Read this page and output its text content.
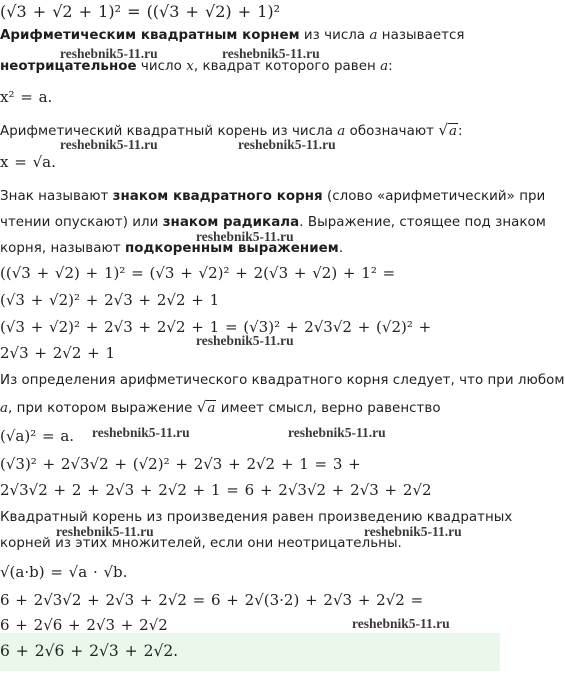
(√3 + √2 + 1)² = ((√3 + √2) + 1)²
Арифметическим квадратным корнем из числа a называется
reshebnik5-11.ru	reshebnik5-11.ru
неотрицательное число x, квадрат которого равен a:
x² = a.
Арифметический квадратный корень из числа a обозначают √a:
reshebnik5-11.ru	reshebnik5-11.ru
x = √a.
Знак называют знаком квадратного корня (слово «арифметический» при
чтении опускают) или знаком радикала. Выражение, стоящее под знаком
reshebnik5-11.ru
корня, называют подкоренным выражением.
((√3 + √2) + 1)² = (√3 + √2)² + 2(√3 + √2) + 1² =
(√3 + √2)² + 2√3 + 2√2 + 1
(√3 + √2)² + 2√3 + 2√2 + 1 = (√3)² + 2√3√2 + (√2)² +
reshebnik5-11.ru
2√3 + 2√2 + 1
Из определения арифметического квадратного корня следует, что при любом
a, при котором выражение √a имеет смысл, верно равенство
(√a)² = a. reshebnik5-11.ru	reshebnik5-11.ru
(√3)² + 2√3√2 + (√2)² + 2√3 + 2√2 + 1 = 3 +
2√3√2 + 2 + 2√3 + 2√2 + 1 = 6 + 2√3√2 + 2√3 + 2√2
Квадратный корень из произведения равен произведению квадратных
reshebnik5-11.ru	reshebnik5-11.ru
корней из этих множителей, если они неотрицательны.
√(a·b) = √a · √b.
6 + 2√3√2 + 2√3 + 2√2 = 6 + 2√(3·2) + 2√3 + 2√2 =
6 + 2√6 + 2√3 + 2√2	reshebnik5-11.ru
6 + 2√6 + 2√3 + 2√2.
